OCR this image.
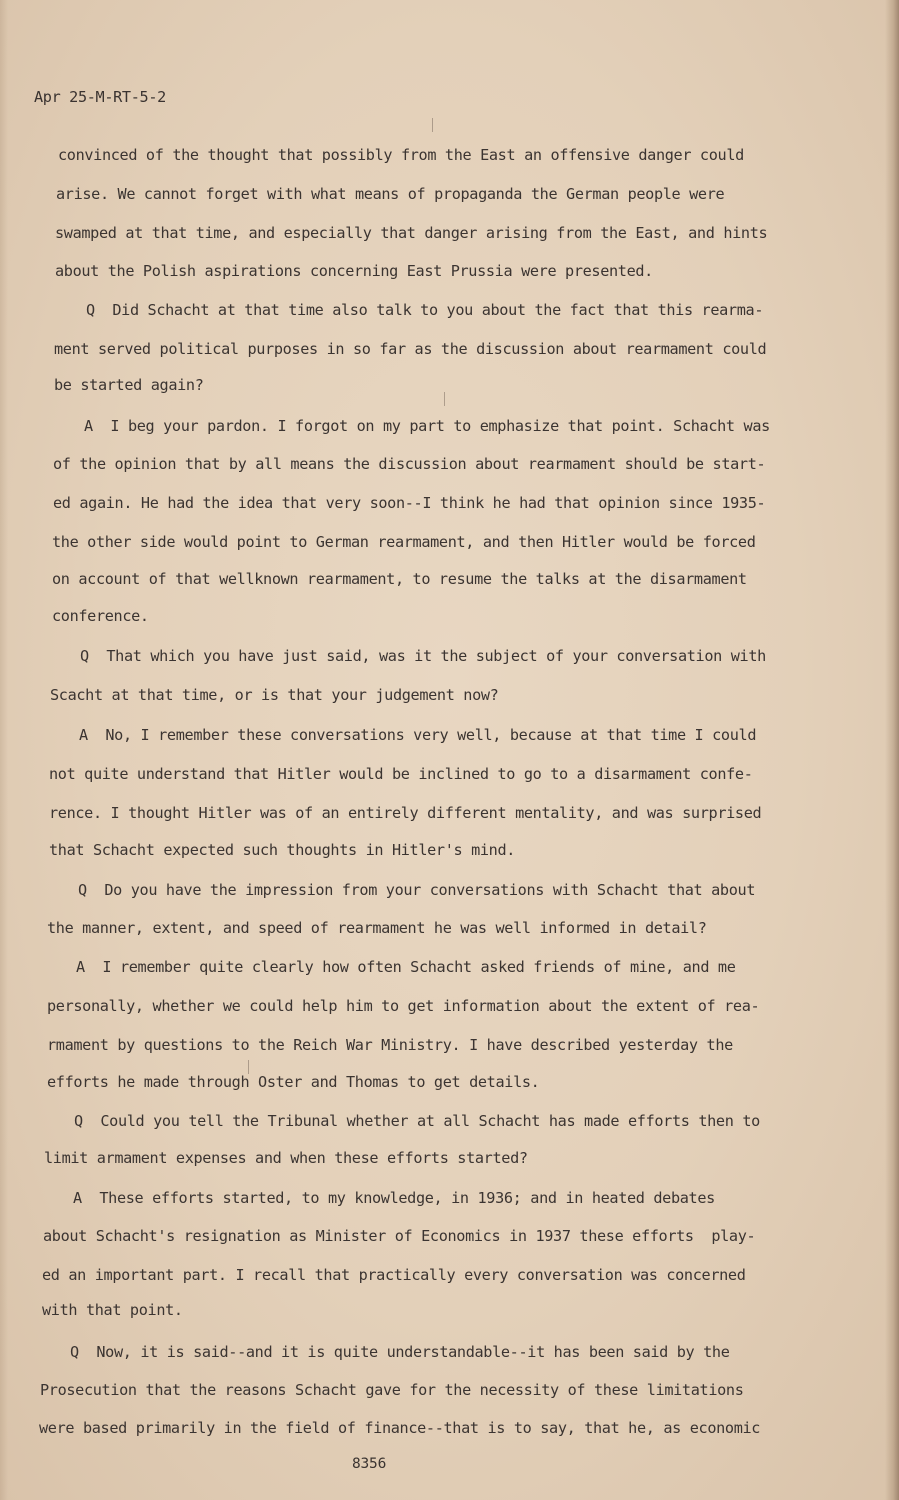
Apr 25-M-RT-5-2
convinced of the thought that possibly from the East an offensive danger could
arise. We cannot forget with what means of propaganda the German people were
swamped at that time, and especially that danger arising from the East, and hints
about the Polish aspirations concerning East Prussia were presented.
Q  Did Schacht at that time also talk to you about the fact that this rearma-
ment served political purposes in so far as the discussion about rearmament could
be started again?
A  I beg your pardon. I forgot on my part to emphasize that point. Schacht was
of the opinion that by all means the discussion about rearmament should be start-
ed again. He had the idea that very soon--I think he had that opinion since 1935-
the other side would point to German rearmament, and then Hitler would be forced
on account of that wellknown rearmament, to resume the talks at the disarmament
conference.
Q  That which you have just said, was it the subject of your conversation with
Scacht at that time, or is that your judgement now?
A  No, I remember these conversations very well, because at that time I could
not quite understand that Hitler would be inclined to go to a disarmament confe-
rence. I thought Hitler was of an entirely different mentality, and was surprised
that Schacht expected such thoughts in Hitler's mind.
Q  Do you have the impression from your conversations with Schacht that about
the manner, extent, and speed of rearmament he was well informed in detail?
A  I remember quite clearly how often Schacht asked friends of mine, and me
personally, whether we could help him to get information about the extent of rea-
rmament by questions to the Reich War Ministry. I have described yesterday the
efforts he made through Oster and Thomas to get details.
Q  Could you tell the Tribunal whether at all Schacht has made efforts then to
limit armament expenses and when these efforts started?
A  These efforts started, to my knowledge, in 1936; and in heated debates
about Schacht's resignation as Minister of Economics in 1937 these efforts  play-
ed an important part. I recall that practically every conversation was concerned
with that point.
Q  Now, it is said--and it is quite understandable--it has been said by the
Prosecution that the reasons Schacht gave for the necessity of these limitations
were based primarily in the field of finance--that is to say, that he, as economic
8356
